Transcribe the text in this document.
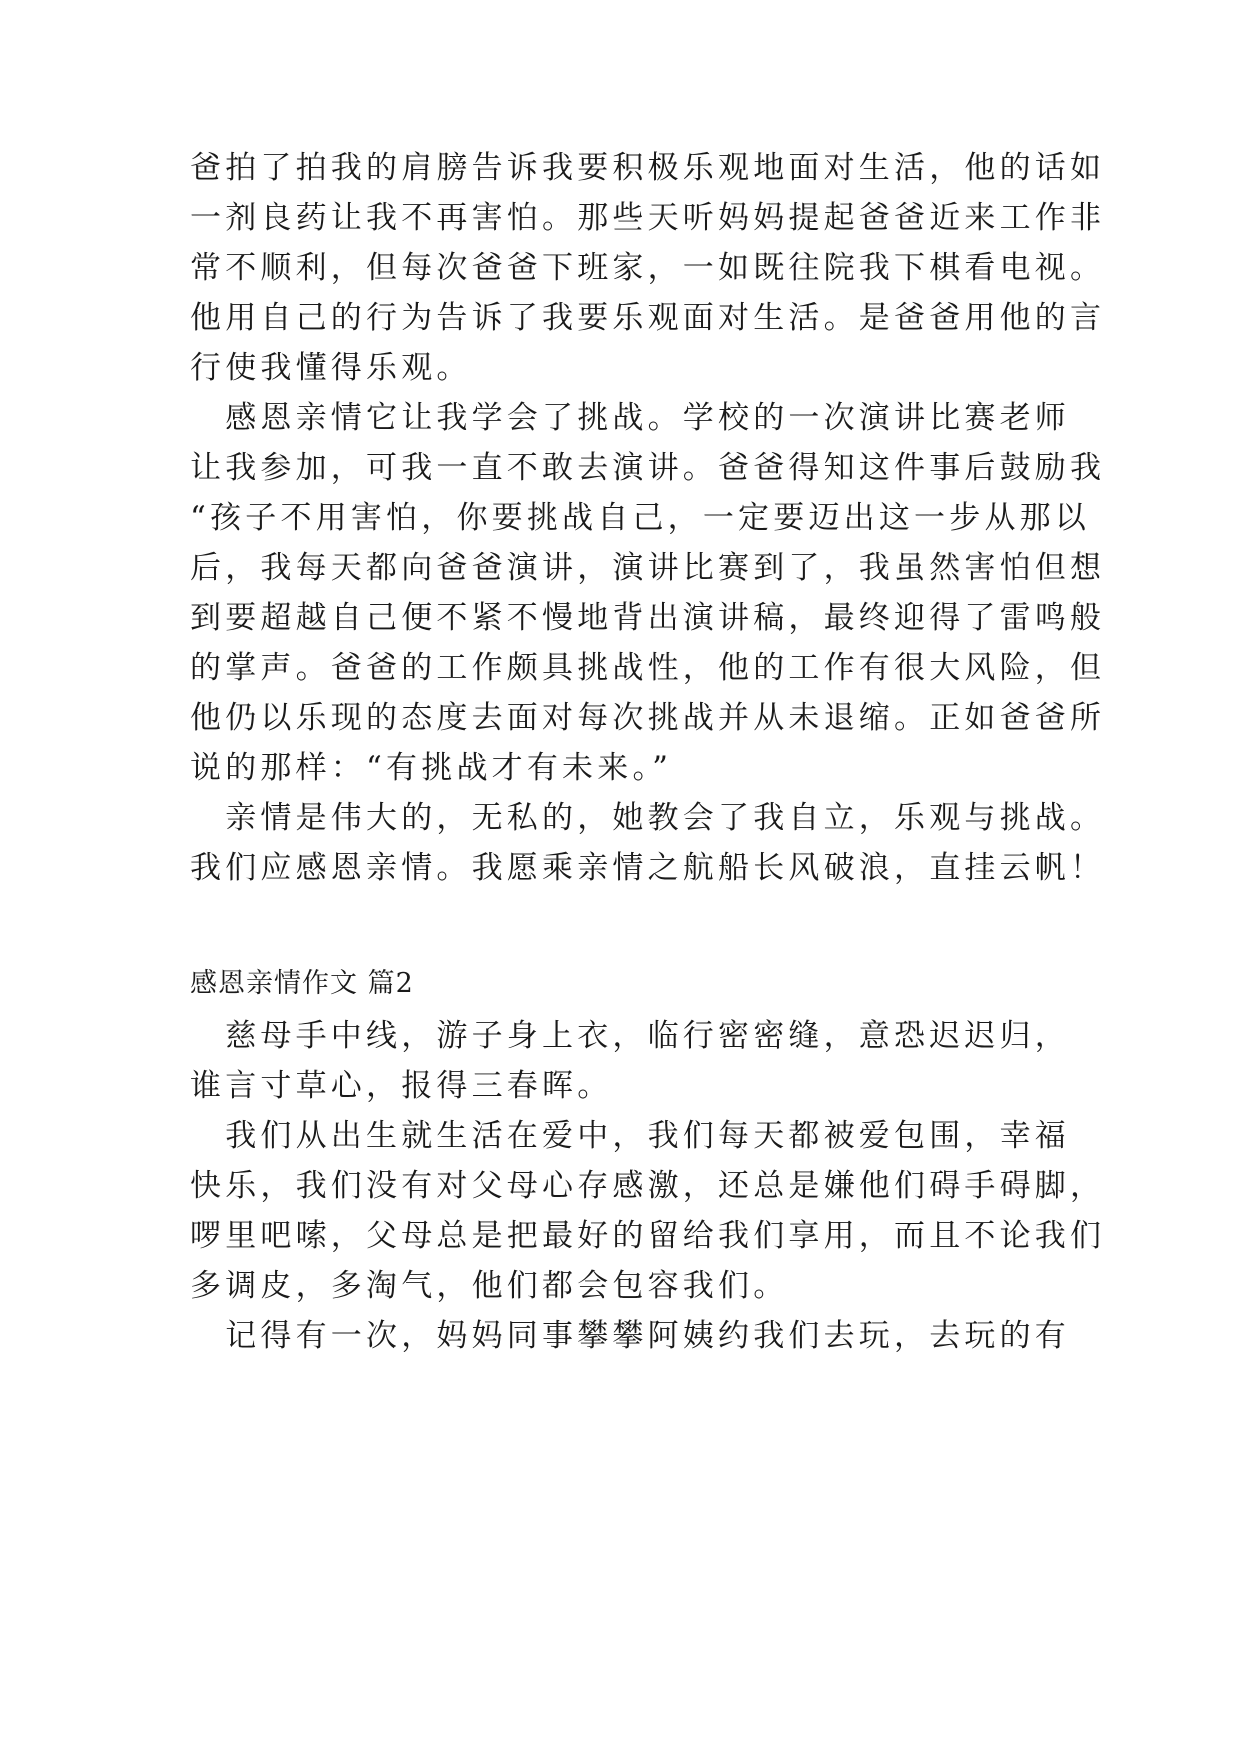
爸拍了拍我的肩膀告诉我要积极乐观地面对生活，他的话如
一剂良药让我不再害怕。那些天听妈妈提起爸爸近来工作非
常不顺利，但每次爸爸下班家，一如既往院我下棋看电视。
他用自己的行为告诉了我要乐观面对生活。是爸爸用他的言
行使我懂得乐观。
　感恩亲情它让我学会了挑战。学校的一次演讲比赛老师
让我参加，可我一直不敢去演讲。爸爸得知这件事后鼓励我
“孩子不用害怕，你要挑战自己，一定要迈出这一步从那以
后，我每天都向爸爸演讲，演讲比赛到了，我虽然害怕但想
到要超越自己便不紧不慢地背出演讲稿，最终迎得了雷鸣般
的掌声。爸爸的工作颇具挑战性，他的工作有很大风险，但
他仍以乐现的态度去面对每次挑战并从未退缩。正如爸爸所
说的那样：“有挑战才有未来。”
　亲情是伟大的，无私的，她教会了我自立，乐观与挑战。
我们应感恩亲情。我愿乘亲情之航船长风破浪，直挂云帆！
感恩亲情作文 篇2
　慈母手中线，游子身上衣，临行密密缝，意恐迟迟归，
谁言寸草心，报得三春晖。
　我们从出生就生活在爱中，我们每天都被爱包围，幸福
快乐，我们没有对父母心存感激，还总是嫌他们碍手碍脚，
啰里吧嗦，父母总是把最好的留给我们享用，而且不论我们
多调皮，多淘气，他们都会包容我们。
　记得有一次，妈妈同事攀攀阿姨约我们去玩，去玩的有
